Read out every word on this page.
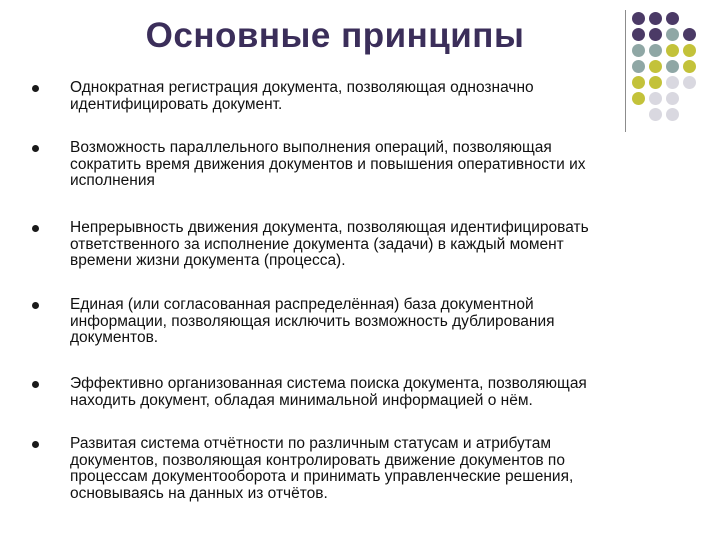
Основные принципы
Однократная регистрация документа, позволяющая однозначно
идентифицировать документ.
Возможность параллельного выполнения операций, позволяющая
сократить время движения документов и повышения оперативности их
исполнения
Непрерывность движения документа, позволяющая идентифицировать
ответственного за исполнение документа (задачи) в каждый момент
времени жизни документа (процесса).
Единая (или согласованная распределённая) база документной
информации, позволяющая исключить возможность дублирования
документов.
Эффективно организованная система поиска документа, позволяющая
находить документ, обладая минимальной информацией о нём.
Развитая система отчётности по различным статусам и атрибутам
документов, позволяющая контролировать движение документов по
процессам документооборота и принимать управленческие решения,
основываясь на данных из отчётов.
